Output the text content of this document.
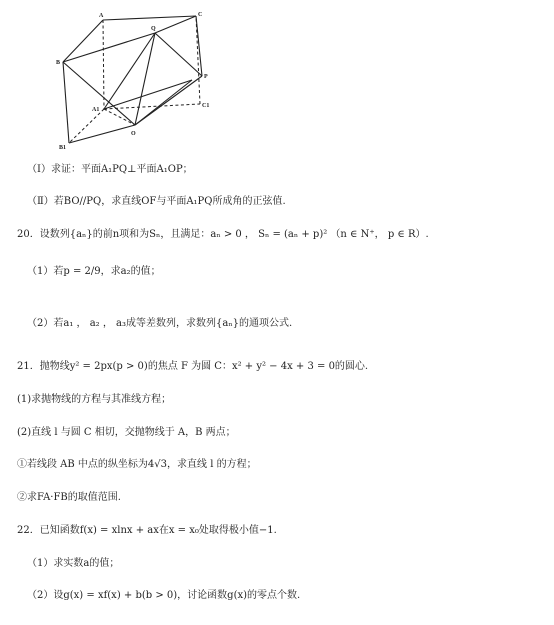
A
Q
C
B
P
A1
C1
O
B1
（Ⅰ）求证：平面A₁PQ⊥平面A₁OP；
（Ⅱ）若BO//PQ，求直线OF与平面A₁PQ所成角的正弦值.
20．设数列{aₙ}的前n项和为Sₙ，且满足：aₙ > 0 ， Sₙ = (aₙ + p)² （n ∈ N⁺， p ∈ R）.
（1）若p = 2/9，求a₂的值；
（2）若a₁ ， a₂ ， a₃成等差数列，求数列{aₙ}的通项公式.
21．抛物线y² = 2px(p > 0)的焦点 F 为圆 C：x² + y² − 4x + 3 = 0的圆心.
(1)求抛物线的方程与其准线方程；
(2)直线 l 与圆 C 相切，交抛物线于 A，B 两点；
①若线段 AB 中点的纵坐标为4√3，求直线 l 的方程；
②求FA·FB的取值范围.
22．已知函数f(x) = xlnx + ax在x = x₀处取得极小值−1.
（1）求实数a的值；
（2）设g(x) = xf(x) + b(b > 0)，讨论函数g(x)的零点个数.
